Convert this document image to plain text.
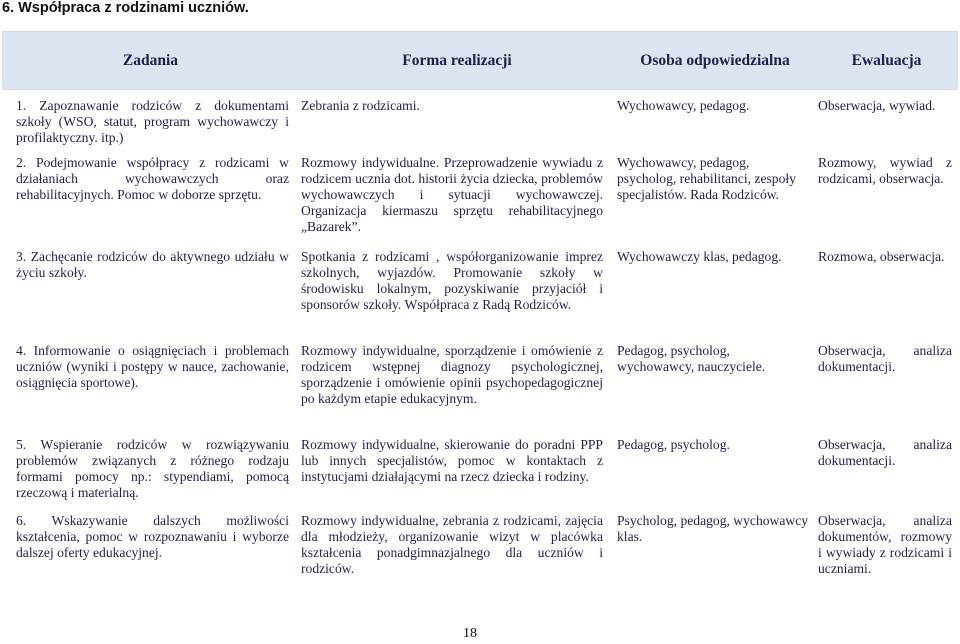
6. Współpraca z rodzinami uczniów.
Zadania	Forma realizacji	Osoba odpowiedzialna	Ewaluacja
1. Zapoznawanie rodziców z dokumentami szkoły (WSO, statut, program wychowawczy i profilaktyczny. itp.)	Zebrania z rodzicami.	Wychowawcy, pedagog.	Obserwacja, wywiad.
2. Podejmowanie współpracy z rodzicami w działaniach wychowawczych oraz rehabilitacyjnych. Pomoc w doborze sprzętu.	Rozmowy indywidualne. Przeprowadzenie wywiadu z rodzicem ucznia dot. historii życia dziecka, problemów wychowawczych i sytuacji wychowawczej. Organizacja kiermaszu sprzętu rehabilitacyjnego „Bazarek”.	Wychowawcy, pedagog, psycholog, rehabilitanci, zespoły specjalistów. Rada Rodziców.	Rozmowy, wywiad z rodzicami, obserwacja.
3. Zachęcanie rodziców do aktywnego udziału w życiu szkoły.	Spotkania z rodzicami , współorganizowanie imprez szkolnych, wyjazdów. Promowanie szkoły w środowisku lokalnym, pozyskiwanie przyjaciół i sponsorów szkoły. Współpraca z Radą Rodziców.	Wychowawczy klas, pedagog.	Rozmowa, obserwacja.
4. Informowanie o osiągnięciach i problemach uczniów (wyniki i postępy w nauce, zachowanie, osiągnięcia sportowe).	Rozmowy indywidualne, sporządzenie i omówienie z rodzicem wstępnej diagnozy psychologicznej, sporządzenie i omówienie opinii psychopedagogicznej po każdym etapie edukacyjnym.	Pedagog, psycholog, wychowawcy, nauczyciele.	Obserwacja, analiza dokumentacji.
5. Wspieranie rodziców w rozwiązywaniu problemów związanych z różnego rodzaju formami pomocy np.: stypendiami, pomocą rzeczową i materialną.	Rozmowy indywidualne, skierowanie do poradni PPP lub innych specjalistów, pomoc w kontaktach z instytucjami działającymi na rzecz dziecka i rodziny.	Pedagog, psycholog.	Obserwacja, analiza dokumentacji.
6. Wskazywanie dalszych możliwości kształcenia, pomoc w rozpoznawaniu i wyborze dalszej oferty edukacyjnej.	Rozmowy indywidualne, zebrania z rodzicami, zajęcia dla młodzieży, organizowanie wizyt w placówka kształcenia ponadgimnazjalnego dla uczniów i rodziców.	Psycholog, pedagog, wychowawcy klas.	Obserwacja, analiza dokumentów, rozmowy i wywiady z rodzicami i uczniami.
18
